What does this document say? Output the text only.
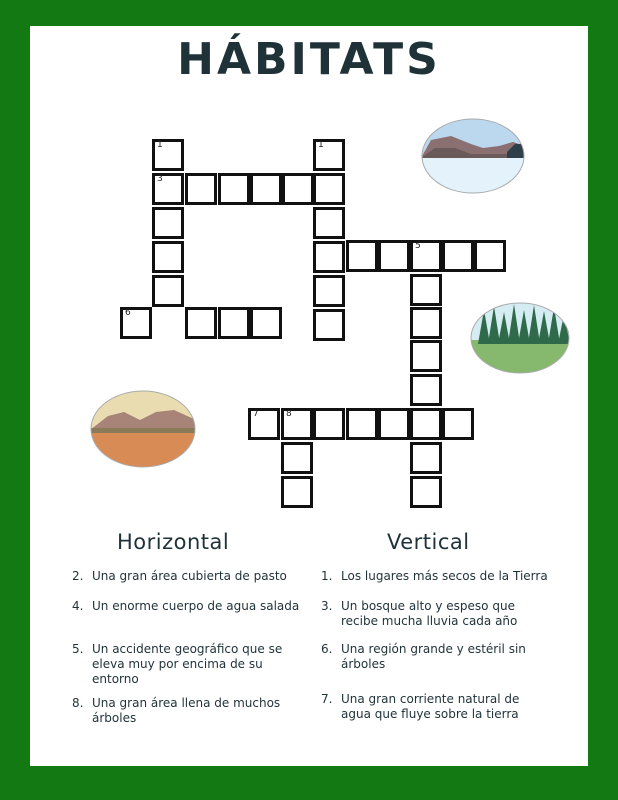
HÁBITATS
1
3
1
5
6
7	8
Horizontal	Vertical
2. Una gran área cubierta de pasto
4. Un enorme cuerpo de agua salada
5. Un accidente geográfico que se eleva muy por encima de su entorno
8. Una gran área llena de muchos árboles
1. Los lugares más secos de la Tierra
3. Un bosque alto y espeso que recibe mucha lluvia cada año
6. Una región grande y estéril sin árboles
7. Una gran corriente natural de agua que fluye sobre la tierra
